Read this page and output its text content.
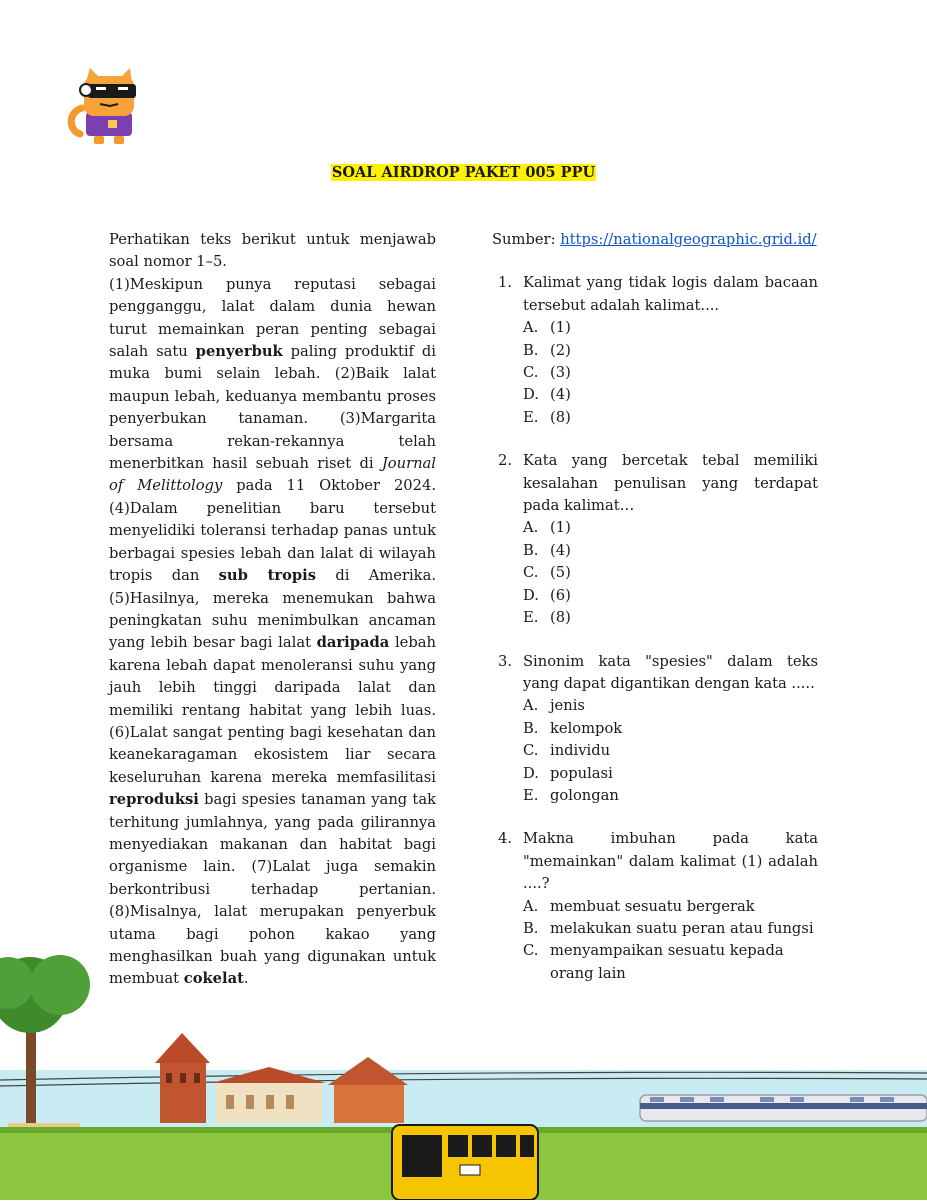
SOAL AIRDROP PAKET 005 PPU

Perhatikan teks berikut untuk menjawab soal nomor 1–5.

(1)Meskipun punya reputasi sebagai pengganggu, lalat dalam dunia hewan turut memainkan peran penting sebagai salah satu penyerbuk paling produktif di muka bumi selain lebah. (2)Baik lalat maupun lebah, keduanya membantu proses penyerbukan tanaman. (3)Margarita bersama rekan-rekannya telah menerbitkan hasil sebuah riset di Journal of Melittology pada 11 Oktober 2024. (4)Dalam penelitian baru tersebut menyelidiki toleransi terhadap panas untuk berbagai spesies lebah dan lalat di wilayah tropis dan sub tropis di Amerika. (5)Hasilnya, mereka menemukan bahwa peningkatan suhu menimbulkan ancaman yang lebih besar bagi lalat daripada lebah karena lebah dapat menoleransi suhu yang jauh lebih tinggi daripada lalat dan memiliki rentang habitat yang lebih luas. (6)Lalat sangat penting bagi kesehatan dan keanekaragaman ekosistem liar secara keseluruhan karena mereka memfasilitasi reproduksi bagi spesies tanaman yang tak terhitung jumlahnya, yang pada gilirannya menyediakan makanan dan habitat bagi organisme lain. (7)Lalat juga semakin berkontribusi terhadap pertanian. (8)Misalnya, lalat merupakan penyerbuk utama bagi pohon kakao yang menghasilkan buah yang digunakan untuk membuat cokelat.

Sumber: https://nationalgeographic.grid.id/

1. Kalimat yang tidak logis dalam bacaan tersebut adalah kalimat....
A. (1)
B. (2)
C. (3)
D. (4)
E. (8)
2. Kata yang bercetak tebal memiliki kesalahan penulisan yang terdapat pada kalimat…
A. (1)
B. (4)
C. (5)
D. (6)
E. (8)
3. Sinonim kata "spesies" dalam teks yang dapat digantikan dengan kata .....
A. jenis
B. kelompok
C. individu
D. populasi
E. golongan
4. Makna imbuhan pada kata "memainkan" dalam kalimat (1) adalah ....?
A. membuat sesuatu bergerak
B. melakukan suatu peran atau fungsi
C. menyampaikan sesuatu kepada orang lain
